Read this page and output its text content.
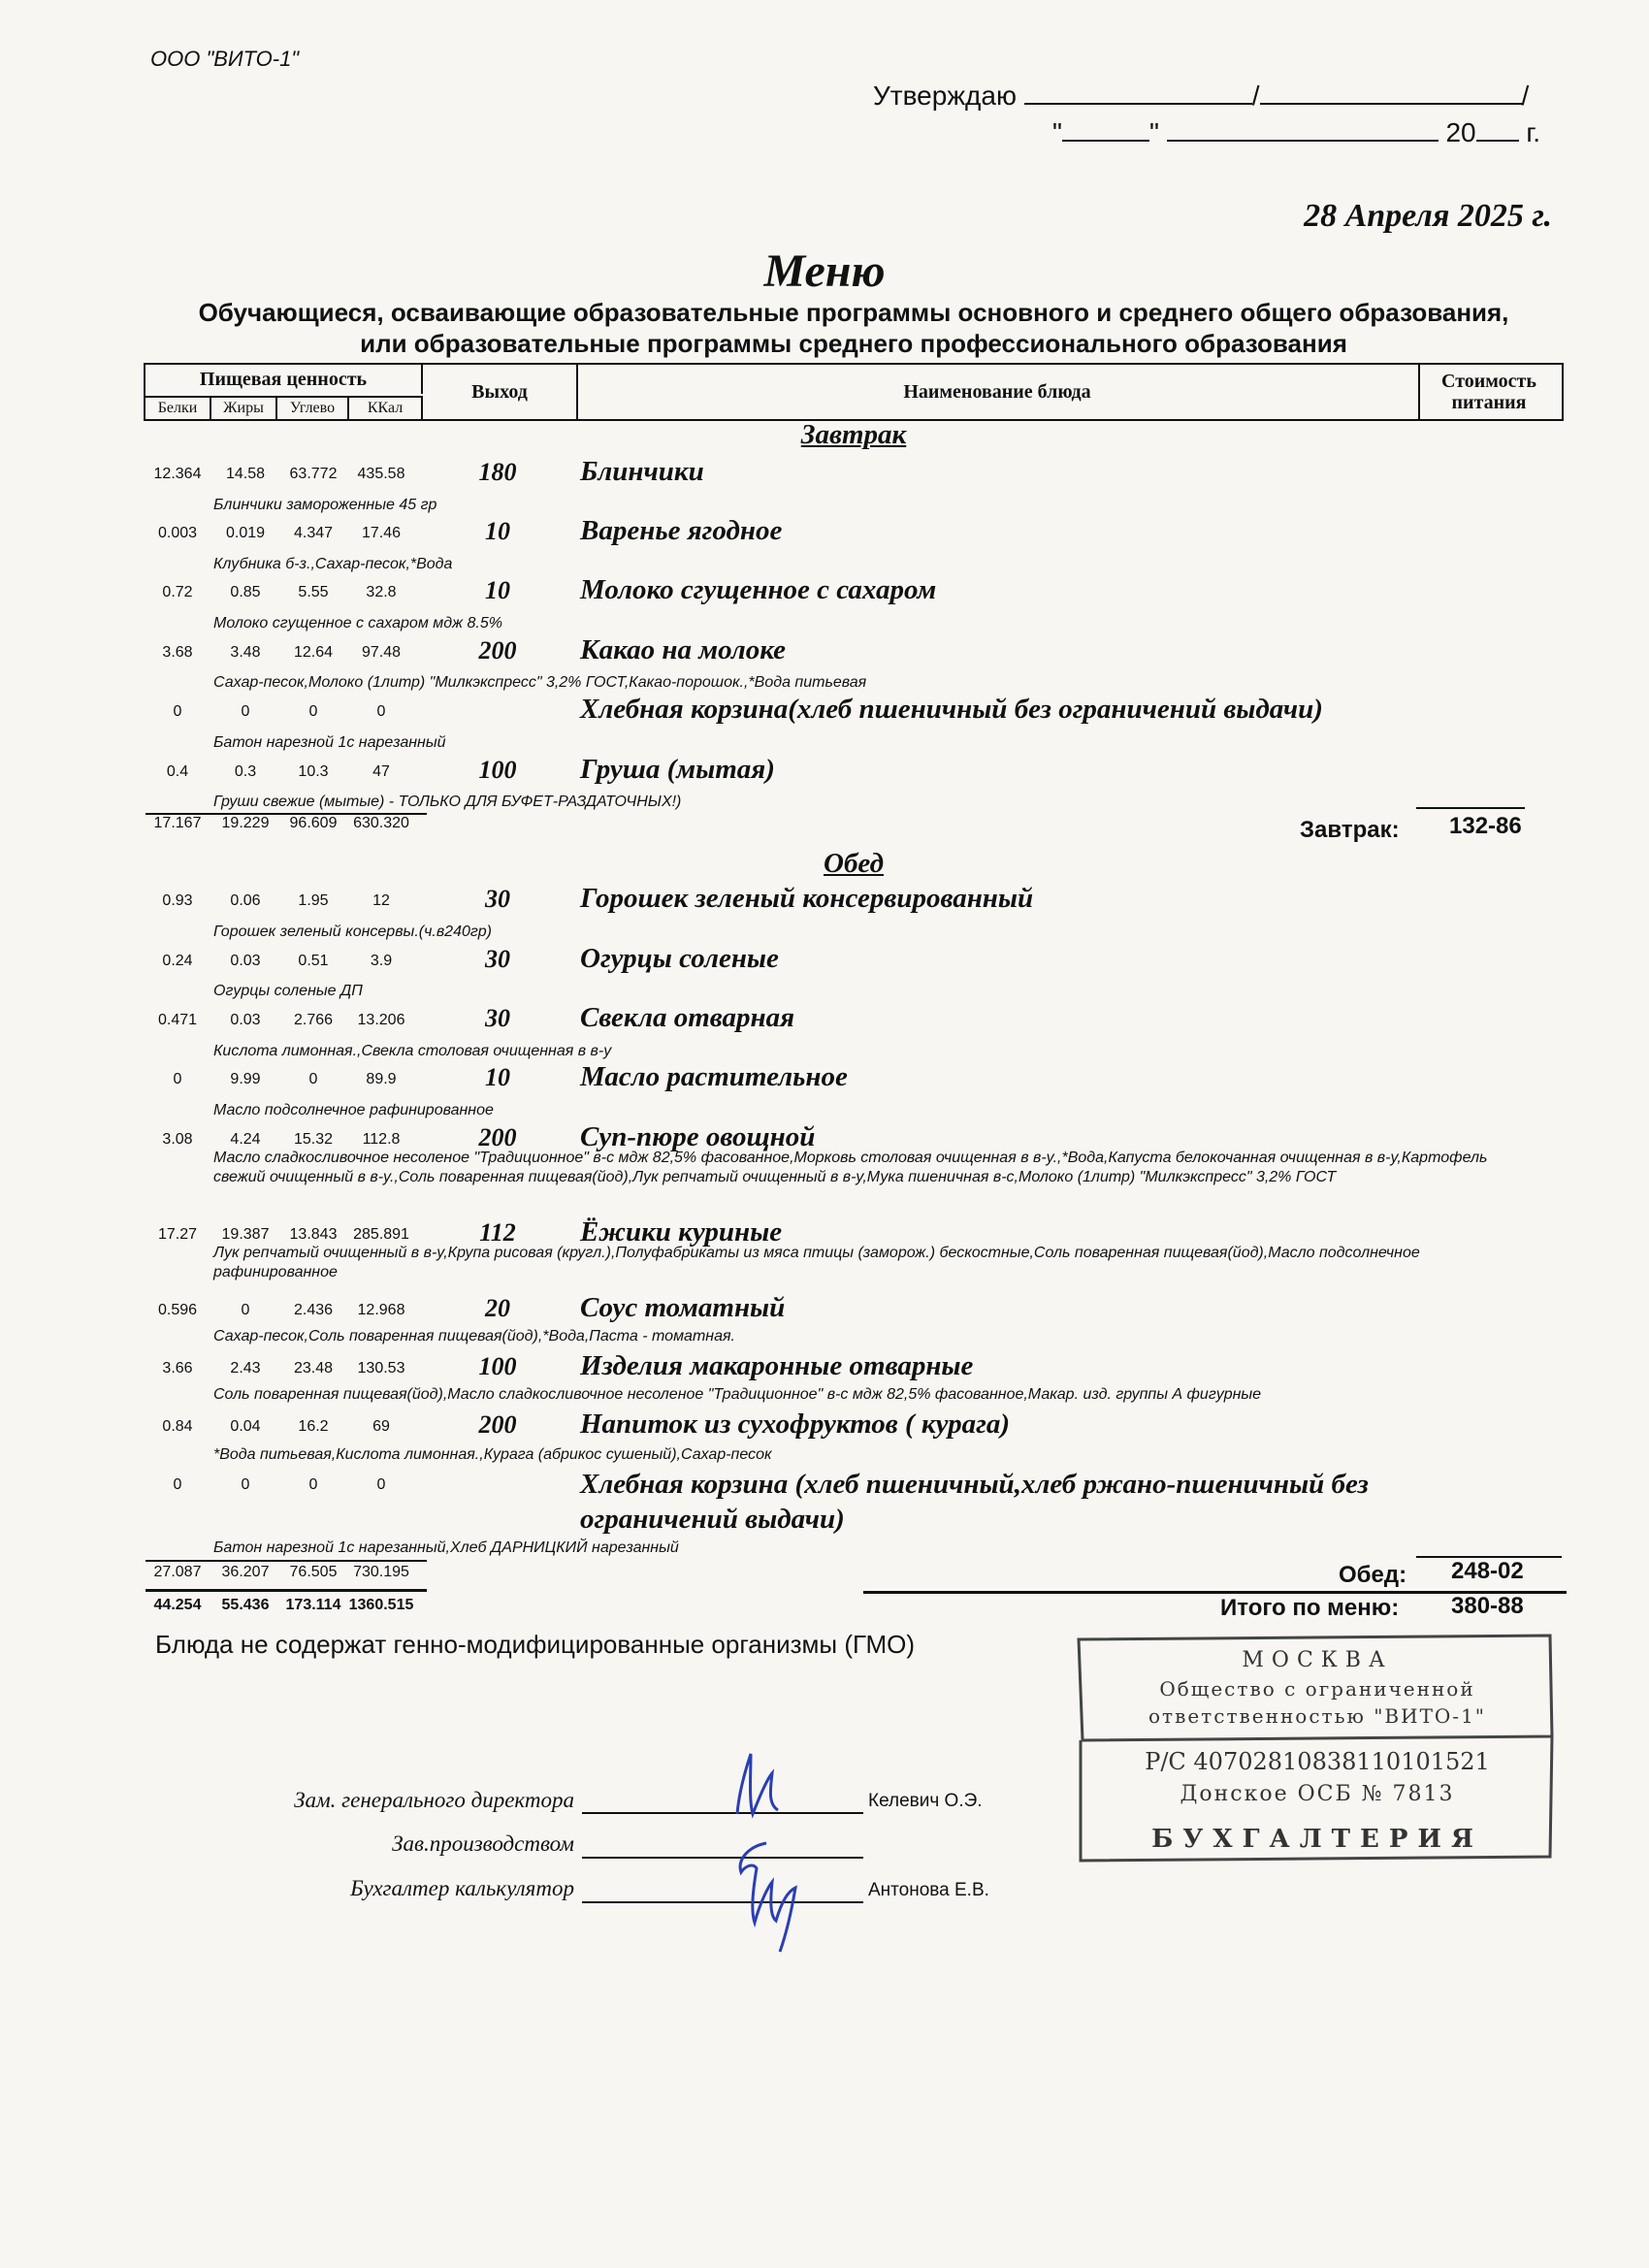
ООО "ВИТО-1"
Утверждаю	/	/
"	"	20 г.
28 Апреля 2025 г.
Меню
Обучающиеся, осваивающие образовательные программы основного и среднего общего образования, или образовательные программы среднего профессионального образования
Пищевая ценность
Белки	Жиры	Углево	ККал
Выход	Наименование блюда	Стоимость питания
Завтрак
12.364	14.58	63.772	435.58	180	Блинчики
Блинчики замороженные 45 гр
0.003	0.019	4.347	17.46	10	Варенье ягодное
Клубника б-з.,Сахар-песок,*Вода
0.72	0.85	5.55	32.8	10	Молоко сгущенное с сахаром
Молоко сгущенное с сахаром мдж 8.5%
3.68	3.48	12.64	97.48	200	Какао на молоке
Сахар-песок,Молоко (1литр) "Милкэкспресс" 3,2% ГОСТ,Какао-порошок.,*Вода питьевая
0	0	0	0	Хлебная корзина(хлеб пшеничный без ограничений выдачи)
Батон нарезной 1с нарезанный
0.4	0.3	10.3	47	100	Груша (мытая)
Груши свежие (мытые) - ТОЛЬКО ДЛЯ БУФЕТ-РАЗДАТОЧНЫХ!)
17.167	19.229	96.609	630.320	Завтрак: 132-86
Обед
0.93	0.06	1.95	12	30	Горошек зеленый консервированный
Горошек зеленый консервы.(ч.в240гр)
0.24	0.03	0.51	3.9	30	Огурцы соленые
Огурцы соленые ДП
0.471	0.03	2.766	13.206	30	Свекла отварная
Кислота лимонная.,Свекла столовая очищенная в в-у
0	9.99	0	89.9	10	Масло растительное
Масло подсолнечное рафинированное
3.08	4.24	15.32	112.8	200	Суп-пюре овощной
Масло сладкосливочное несоленое "Традиционное" в-с мдж 82,5% фасованное,Морковь столовая очищенная в в-у.,*Вода,Капуста белокочанная очищенная в в-у,Картофель свежий очищенный в в-у.,Соль поваренная пищевая(йод),Лук репчатый очищенный в в-у,Мука пшеничная в-с,Молоко (1литр) "Милкэкспресс" 3,2% ГОСТ
17.27	19.387	13.843	285.891	112	Ёжики куриные
Лук репчатый очищенный в в-у,Крупа рисовая (кругл.),Полуфабрикаты из мяса птицы (заморож.) бескостные,Соль поваренная пищевая(йод),Масло подсолнечное рафинированное
0.596	0	2.436	12.968	20	Соус томатный
Сахар-песок,Соль поваренная пищевая(йод),*Вода,Паста - томатная.
3.66	2.43	23.48	130.53	100	Изделия макаронные отварные
Соль поваренная пищевая(йод),Масло сладкосливочное несоленое "Традиционное" в-с мдж 82,5% фасованное,Макар. изд. группы А фигурные
0.84	0.04	16.2	69	200	Напиток из сухофруктов ( курага)
*Вода питьевая,Кислота лимонная.,Курага (абрикос сушеный),Сахар-песок
0	0	0	0	Хлебная корзина (хлеб пшеничный,хлеб ржано-пшеничный без ограничений выдачи)
Батон нарезной 1с нарезанный,Хлеб ДАРНИЦКИЙ нарезанный
27.087	36.207	76.505	730.195	Обед: 248-02
44.254	55.436	173.114 1360.515	Итого по меню: 380-88
Блюда не содержат генно-модифицированные организмы (ГМО)
Зам. генерального директора	Келевич О.Э.
Зав.производством
Бухгалтер калькулятор	Антонова Е.В.
МОСКВА
Общество с ограниченной
ответственностью "ВИТО-1"
Р/С 40702810838110101521
Донское ОСБ № 7813
БУХГАЛТЕРИЯ
